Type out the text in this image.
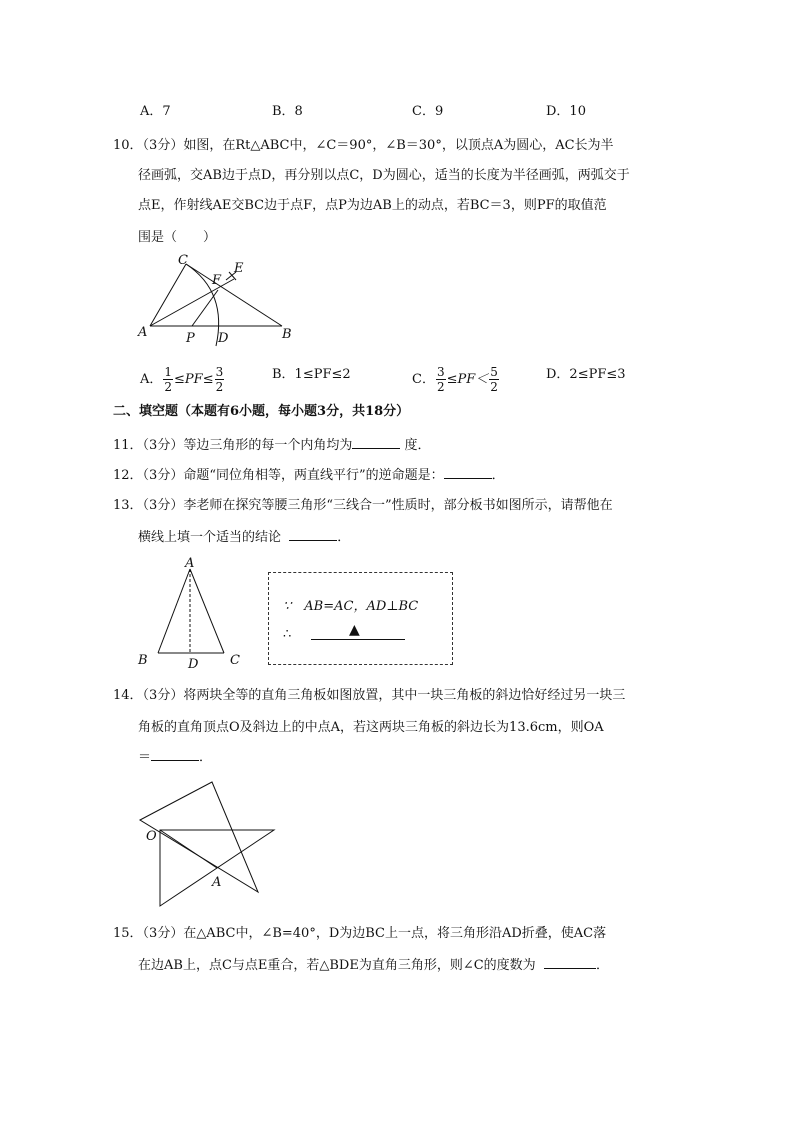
A．7	B．8	C．9	D．10
10．（3分）如图，在Rt△ABC中，∠C＝90°，∠B＝30°，以顶点A为圆心，AC长为半
径画弧，交AB边于点D，再分别以点C，D为圆心，适当的长度为半径画弧，两弧交于
点E，作射线AE交BC边于点F，点P为边AB上的动点，若BC＝3，则PF的取值范
围是（　　）
C
F
E
A	P D	B
A． $\frac{1}{2} \le PF\le \frac{3}{2}$	B．1≤PF≤2	C． $\frac{3}{2} \le PF< \frac{5}{2}$	D．2≤PF≤3
二、填空题（本题有6小题，每小题3分，共18分）
11．（3分）等边三角形的每一个内角均为	度．
12．（3分）命题“同位角相等，两直线平行”的逆命题是：	．
13．（3分）李老师在探究等腰三角形“三线合一”性质时，部分板书如图所示，请帮他在
横线上填一个适当的结论	．
A
B	D C
∵　AB=AC，AD⊥BC
∴	▲
14．（3分）将两块全等的直角三角板如图放置，其中一块三角板的斜边恰好经过另一块三
角板的直角顶点O及斜边上的中点A，若这两块三角板的斜边长为13.6cm，则OA
＝	．
O
A
15．（3分）在△ABC中，∠B=40°，D为边BC上一点，将三角形沿AD折叠，使AC落
在边AB上，点C与点E重合，若△BDE为直角三角形，则∠C的度数为	．
